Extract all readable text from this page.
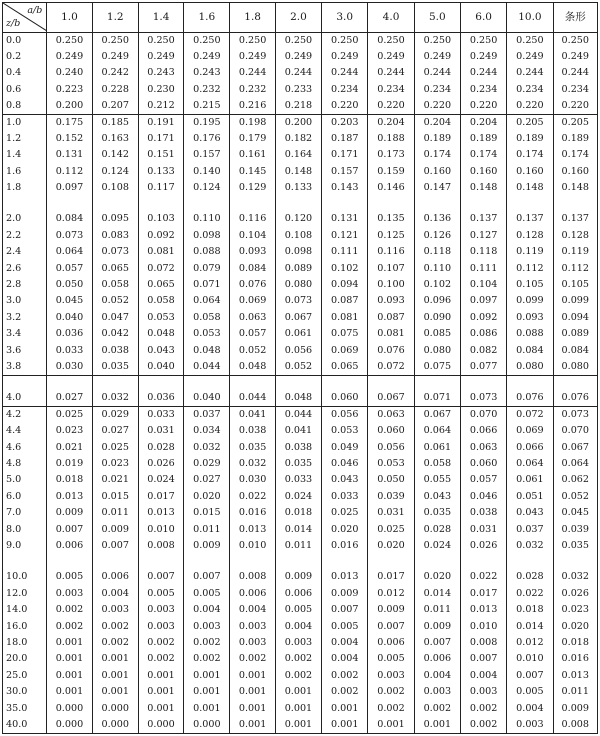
a/b
z/b	1.0	1.2	1.4	1.6	1.8	2.0	3.0	4.0	5.0	6.0	10.0	条形
0.0	0.250	0.250	0.250	0.250	0.250	0.250	0.250	0.250	0.250	0.250	0.250	0.250
0.2	0.249	0.249	0.249	0.249	0.249	0.249	0.249	0.249	0.249	0.249	0.249	0.249
0.4	0.240	0.242	0.243	0.243	0.244	0.244	0.244	0.244	0.244	0.244	0.244	0.244
0.6	0.223	0.228	0.230	0.232	0.232	0.233	0.234	0.234	0.234	0.234	0.234	0.234
0.8	0.200	0.207	0.212	0.215	0.216	0.218	0.220	0.220	0.220	0.220	0.220	0.220
1.0	0.175	0.185	0.191	0.195	0.198	0.200	0.203	0.204	0.204	0.204	0.205	0.205
1.2	0.152	0.163	0.171	0.176	0.179	0.182	0.187	0.188	0.189	0.189	0.189	0.189
1.4	0.131	0.142	0.151	0.157	0.161	0.164	0.171	0.173	0.174	0.174	0.174	0.174
1.6	0.112	0.124	0.133	0.140	0.145	0.148	0.157	0.159	0.160	0.160	0.160	0.160
1.8	0.097	0.108	0.117	0.124	0.129	0.133	0.143	0.146	0.147	0.148	0.148	0.148

2.0	0.084	0.095	0.103	0.110	0.116	0.120	0.131	0.135	0.136	0.137	0.137	0.137
2.2	0.073	0.083	0.092	0.098	0.104	0.108	0.121	0.125	0.126	0.127	0.128	0.128
2.4	0.064	0.073	0.081	0.088	0.093	0.098	0.111	0.116	0.118	0.118	0.119	0.119
2.6	0.057	0.065	0.072	0.079	0.084	0.089	0.102	0.107	0.110	0.111	0.112	0.112
2.8	0.050	0.058	0.065	0.071	0.076	0.080	0.094	0.100	0.102	0.104	0.105	0.105
3.0	0.045	0.052	0.058	0.064	0.069	0.073	0.087	0.093	0.096	0.097	0.099	0.099
3.2	0.040	0.047	0.053	0.058	0.063	0.067	0.081	0.087	0.090	0.092	0.093	0.094
3.4	0.036	0.042	0.048	0.053	0.057	0.061	0.075	0.081	0.085	0.086	0.088	0.089
3.6	0.033	0.038	0.043	0.048	0.052	0.056	0.069	0.076	0.080	0.082	0.084	0.084
3.8	0.030	0.035	0.040	0.044	0.048	0.052	0.065	0.072	0.075	0.077	0.080	0.080

4.0	0.027	0.032	0.036	0.040	0.044	0.048	0.060	0.067	0.071	0.073	0.076	0.076
4.2	0.025	0.029	0.033	0.037	0.041	0.044	0.056	0.063	0.067	0.070	0.072	0.073
4.4	0.023	0.027	0.031	0.034	0.038	0.041	0.053	0.060	0.064	0.066	0.069	0.070
4.6	0.021	0.025	0.028	0.032	0.035	0.038	0.049	0.056	0.061	0.063	0.066	0.067
4.8	0.019	0.023	0.026	0.029	0.032	0.035	0.046	0.053	0.058	0.060	0.064	0.064
5.0	0.018	0.021	0.024	0.027	0.030	0.033	0.043	0.050	0.055	0.057	0.061	0.062
6.0	0.013	0.015	0.017	0.020	0.022	0.024	0.033	0.039	0.043	0.046	0.051	0.052
7.0	0.009	0.011	0.013	0.015	0.016	0.018	0.025	0.031	0.035	0.038	0.043	0.045
8.0	0.007	0.009	0.010	0.011	0.013	0.014	0.020	0.025	0.028	0.031	0.037	0.039
9.0	0.006	0.007	0.008	0.009	0.010	0.011	0.016	0.020	0.024	0.026	0.032	0.035

10.0	0.005	0.006	0.007	0.007	0.008	0.009	0.013	0.017	0.020	0.022	0.028	0.032
12.0	0.003	0.004	0.005	0.005	0.006	0.006	0.009	0.012	0.014	0.017	0.022	0.026
14.0	0.002	0.003	0.003	0.004	0.004	0.005	0.007	0.009	0.011	0.013	0.018	0.023
16.0	0.002	0.002	0.003	0.003	0.003	0.004	0.005	0.007	0.009	0.010	0.014	0.020
18.0	0.001	0.002	0.002	0.002	0.003	0.003	0.004	0.006	0.007	0.008	0.012	0.018
20.0	0.001	0.001	0.002	0.002	0.002	0.002	0.004	0.005	0.006	0.007	0.010	0.016
25.0	0.001	0.001	0.001	0.001	0.001	0.002	0.002	0.003	0.004	0.004	0.007	0.013
30.0	0.001	0.001	0.001	0.001	0.001	0.001	0.002	0.002	0.003	0.003	0.005	0.011
35.0	0.000	0.000	0.001	0.001	0.001	0.001	0.001	0.002	0.002	0.002	0.004	0.009
40.0	0.000	0.000	0.000	0.000	0.001	0.001	0.001	0.001	0.001	0.002	0.003	0.008
